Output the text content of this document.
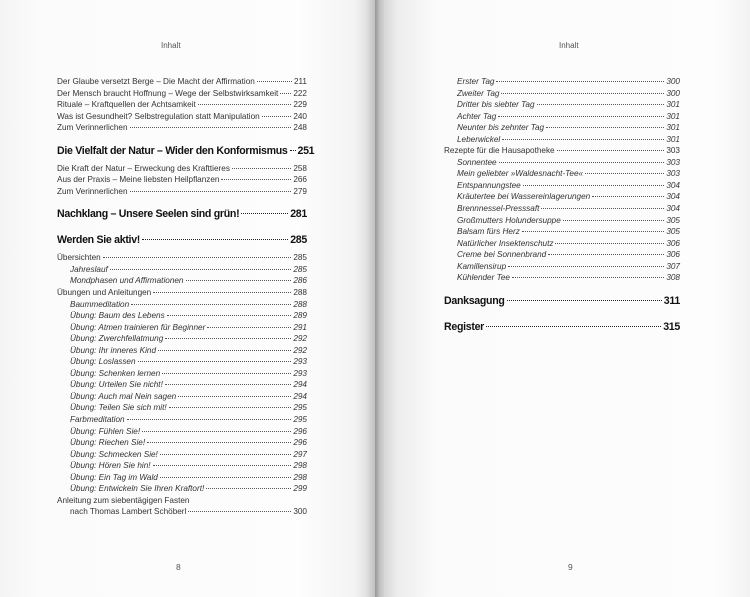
Inhalt
Der Glaube versetzt Berge – Die Macht der Affirmation	211
Der Mensch braucht Hoffnung – Wege der Selbstwirksamkeit 222
Rituale – Kraftquellen der Achtsamkeit	229
Was ist Gesundheit? Selbstregulation statt Manipulation	240
Zum Verinnerlichen	248
Die Vielfalt der Natur – Wider den Konformismus 251
Die Kraft der Natur – Erweckung des Krafttieres	258
Aus der Praxis – Meine liebsten Heilpflanzen	266
Zum Verinnerlichen	279
Nachklang – Unsere Seelen sind grün!	281
Werden Sie aktiv!	285
Übersichten	285
Jahreslauf	285
Mondphasen und Affirmationen	286
Übungen und Anleitungen	288
Baummeditation	288
Übung: Baum des Lebens	289
Übung: Atmen trainieren für Beginner	291
Übung: Zwerchfellatmung	292
Übung: Ihr inneres Kind	292
Übung: Loslassen	293
Übung: Schenken lernen	293
Übung: Urteilen Sie nicht!	294
Übung: Auch mal Nein sagen	294
Übung: Teilen Sie sich mit!	295
Farbmeditation	295
Übung: Fühlen Sie!	296
Übung: Riechen Sie!	296
Übung: Schmecken Sie!	297
Übung: Hören Sie hin!	298
Übung: Ein Tag im Wald	298
Übung: Entwickeln Sie Ihren Kraftort!	299
Anleitung zum siebentägigen Fasten
nach Thomas Lambert Schöberl	300
8
Inhalt
Erster Tag	300
Zweiter Tag	300
Dritter bis siebter Tag	301
Achter Tag	301
Neunter bis zehnter Tag	301
Leberwickel	301
Rezepte für die Hausapotheke	303
Sonnentee	303
Mein geliebter »Waldesnacht-Tee«	303
Entspannungstee	304
Kräutertee bei Wassereinlagerungen	304
Brennnessel-Presssaft	304
Großmutters Holundersuppe	305
Balsam fürs Herz	305
Natürlicher Insektenschutz	306
Creme bei Sonnenbrand	306
Kamillensirup	307
Kühlender Tee	308
Danksagung	311
Register	315
9
